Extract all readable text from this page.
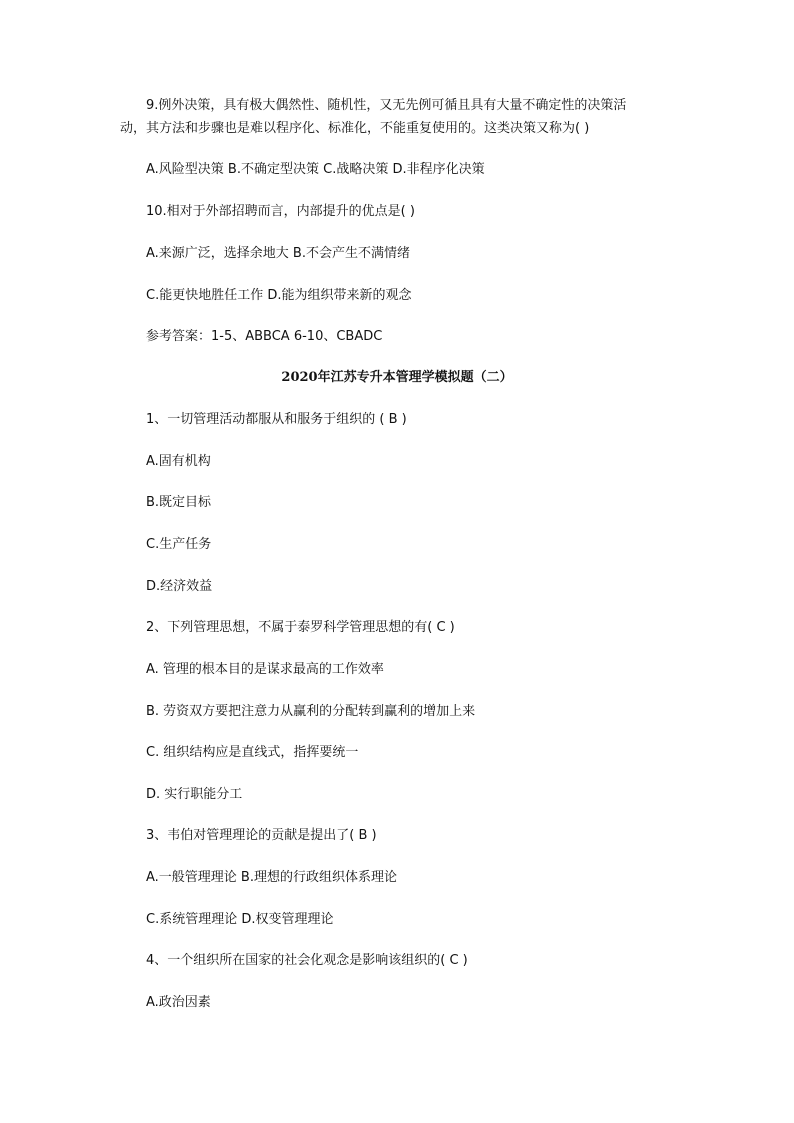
9.例外决策，具有极大偶然性、随机性，又无先例可循且具有大量不确定性的决策活
动，其方法和步骤也是难以程序化、标准化，不能重复使用的。这类决策又称为( )
A.风险型决策 B.不确定型决策 C.战略决策 D.非程序化决策
10.相对于外部招聘而言，内部提升的优点是( )
A.来源广泛，选择余地大 B.不会产生不满情绪
C.能更快地胜任工作 D.能为组织带来新的观念
参考答案：1-5、ABBCA 6-10、CBADC
2020年江苏专升本管理学模拟题（二）
1、一切管理活动都服从和服务于组织的 ( B )
A.固有机构
B.既定目标
C.生产任务
D.经济效益
2、下列管理思想，不属于泰罗科学管理思想的有( C )
A. 管理的根本目的是谋求最高的工作效率
B. 劳资双方要把注意力从赢利的分配转到赢利的增加上来
C. 组织结构应是直线式，指挥要统一
D. 实行职能分工
3、韦伯对管理理论的贡献是提出了( B )
A.一般管理理论 B.理想的行政组织体系理论
C.系统管理理论 D.权变管理理论
4、一个组织所在国家的社会化观念是影响该组织的( C )
A.政治因素
